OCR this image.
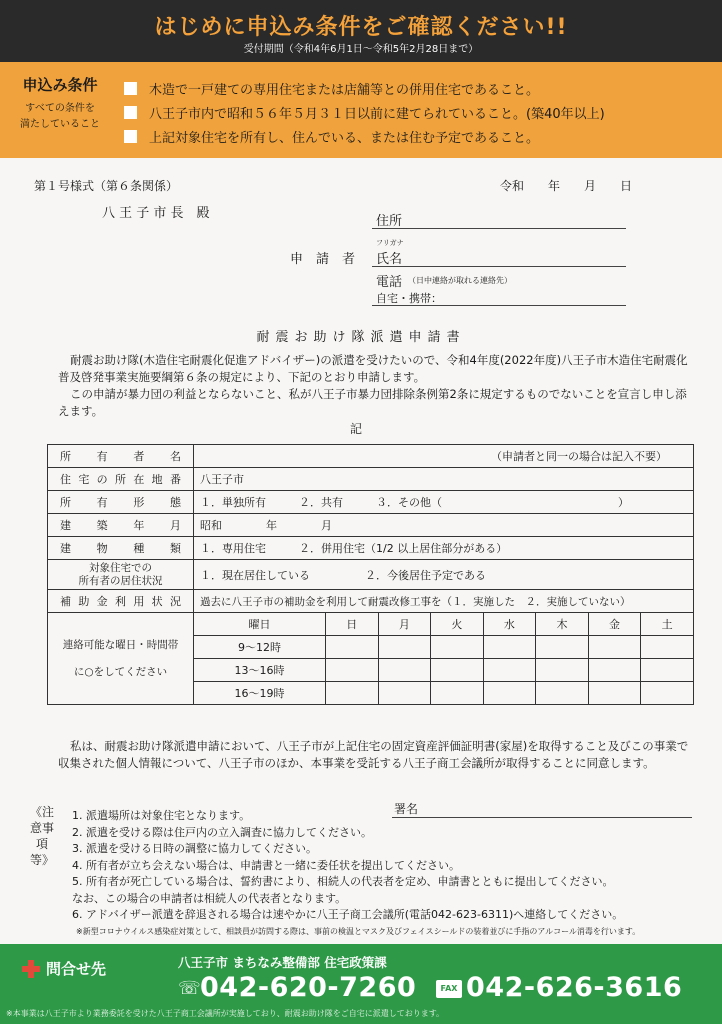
はじめに申込み条件をご確認ください!!
受付期間（令和4年6月1日～令和5年2月28日まで）
申込み条件
すべての条件を
満たしていること
木造で一戸建ての専用住宅または店舗等との併用住宅であること。
八王子市内で昭和５６年５月３１日以前に建てられていること。(築40年以上)
上記対象住宅を所有し、住んでいる、または住む予定であること。
第１号様式（第６条関係）	令和　　年　　月　　日
八 王 子 市 長　殿
住所
申　請　者
フリガナ
氏名
電話 （日中連絡が取れる連絡先）
自宅・携帯：
耐震お助け隊派遣申請書
耐震お助け隊(木造住宅耐震化促進アドバイザー)の派遣を受けたいので、令和4年度(2022年度)八王子市木造住宅耐震化普及啓発事業実施要綱第６条の規定により、下記のとおり申請します。
この申請が暴力団の利益とならないこと、私が八王子市暴力団排除条例第2条に規定するものでないことを宣言し申し添えます。
記
所　有　者　名	（申請者と同一の場合は記入不要）							
住宅の所在地番	八王子市							
所　有　形　態	１．単独所有　　　２．共有　　　３．その他（　　　　　　　　　　　　　　　　）							
建　築　年　月	昭和　　　　年　　　　月							
建　物　種　類	１．専用住宅　　　２．併用住宅（1/2 以上居住部分がある）							

対象住宅での
所有者の居住状況	１．現在居住している　　　　　２．今後居住予定である							
補助金利用状況	過去に八王子市の補助金を利用して耐震改修工事を（１．実施した　２．実施していない）							

連絡可能な曜日・時間帯
に○をしてください	曜日	日	月	火	水	木	金	土
	9～12時							
	13～16時							
	16～19時							
私は、耐震お助け隊派遣申請において、八王子市が上記住宅の固定資産評価証明書(家屋)を取得すること及びこの事業で収集された個人情報について、八王子市のほか、本事業を受託する八王子商工会議所が取得することに同意します。
署名
《注意事項等》
1. 派遣場所は対象住宅となります。
2. 派遣を受ける際は住戸内の立入調査に協力してください。
3. 派遣を受ける日時の調整に協力してください。
4. 所有者が立ち会えない場合は、申請書と一緒に委任状を提出してください。
5. 所有者が死亡している場合は、誓約書により、相続人の代表者を定め、申請書とともに提出してください。
なお、この場合の申請者は相続人の代表者となります。
6. アドバイザー派遣を辞退される場合は速やかに八王子商工会議所(電話042-623-6311)へ連絡してください。
※新型コロナウイルス感染症対策として、相談員が訪問する際は、事前の検温とマスク及びフェイスシールドの装着並びに手指のアルコール消毒を行います。
問合せ先	八王子市 まちなみ整備部 住宅政策課
☏ 042-620-7260	FAX 042-626-3616
※本事業は八王子市より業務委託を受けた八王子商工会議所が実施しており、耐震お助け隊をご自宅に派遣しております。
